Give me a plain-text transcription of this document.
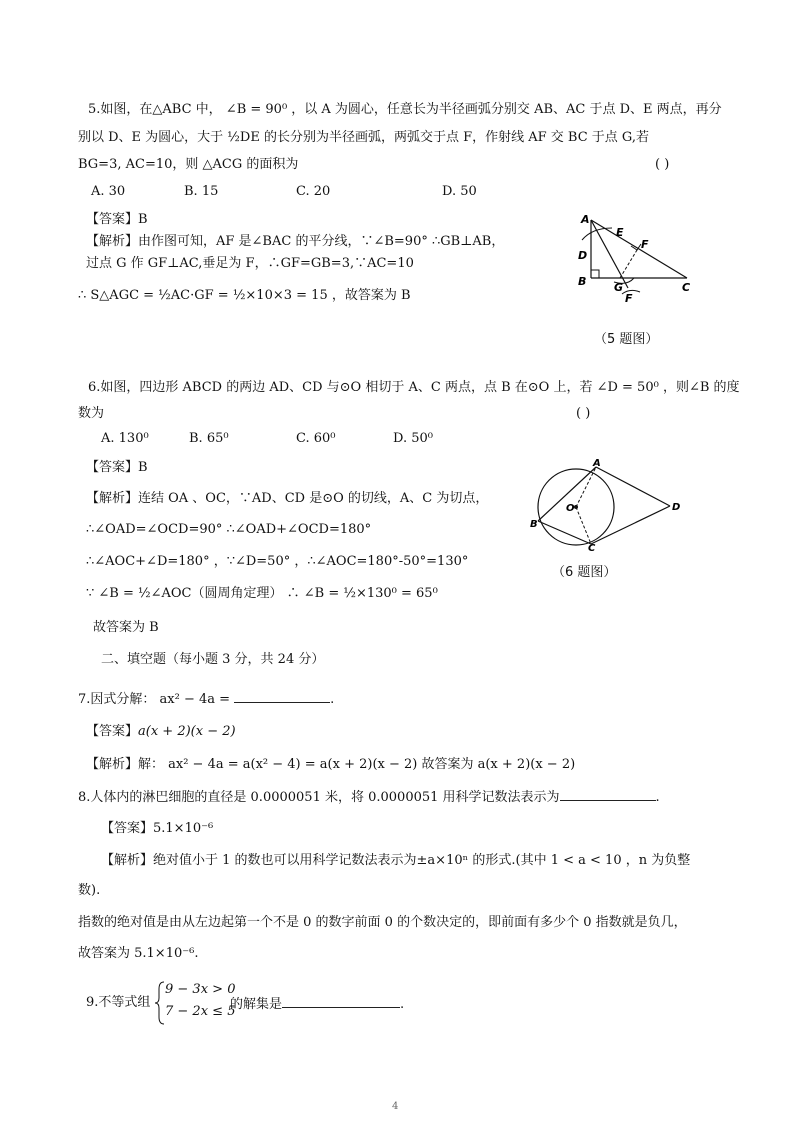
5.如图，在△ABC 中， ∠B = 90⁰ ，以 A 为圆心，任意长为半径画弧分别交 AB、AC 于点 D、E 两点，再分
别以 D、E 为圆心，大于 ½DE 的长分别为半径画弧，两弧交于点 F，作射线 AF 交 BC 于点 G,若
BG=3, AC=10，则 △ACG 的面积为	( )
A. 30	B. 15	C. 20	D. 50
【答案】B
【解析】由作图可知，AF 是∠BAC 的平分线，∵∠B=90° ∴GB⊥AB，
过点 G 作 GF⊥AC,垂足为 F，∴GF=GB=3,∵AC=10
∴ S△AGC = ½AC·GF = ½×10×3 = 15 ，故答案为 B
A
E
F
D
B	G	C
F
（5 题图）
6.如图，四边形 ABCD 的两边 AD、CD 与⊙O 相切于 A、C 两点，点 B 在⊙O 上，若 ∠D = 50⁰ ，则∠B 的度
数为	( )
A. 130⁰	B. 65⁰	C. 60⁰	D. 50⁰
【答案】B
【解析】连结 OA 、OC，∵AD、CD 是⊙O 的切线，A、C 为切点，
∴∠OAD=∠OCD=90° ∴∠OAD+∠OCD=180°
∴∠AOC+∠D=180° ，∵∠D=50° ，∴∠AOC=180°-50°=130°
∵ ∠B = ½∠AOC（圆周角定理） ∴ ∠B = ½×130⁰ = 65⁰
故答案为 B
A
O	D
B
C
（6 题图）
二、填空题（每小题 3 分，共 24 分）
7.因式分解： ax² − 4a =	.
【答案】a(x + 2)(x − 2)
【解析】解： ax² − 4a = a(x² − 4) = a(x + 2)(x − 2) 故答案为 a(x + 2)(x − 2)
8.人体内的淋巴细胞的直径是 0.0000051 米，将 0.0000051 用科学记数法表示为	.
【答案】5.1×10⁻⁶
【解析】绝对值小于 1 的数也可以用科学记数法表示为±a×10ⁿ 的形式.(其中 1 < a < 10 ，n 为负整
数).
指数的绝对值是由从左边起第一个不是 0 的数字前面 0 的个数决定的，即前面有多少个 0 指数就是负几，
故答案为 5.1×10⁻⁶.
9.不等式组
9 − 3x > 0
7 − 2x ≤ 5
的解集是	.
4
